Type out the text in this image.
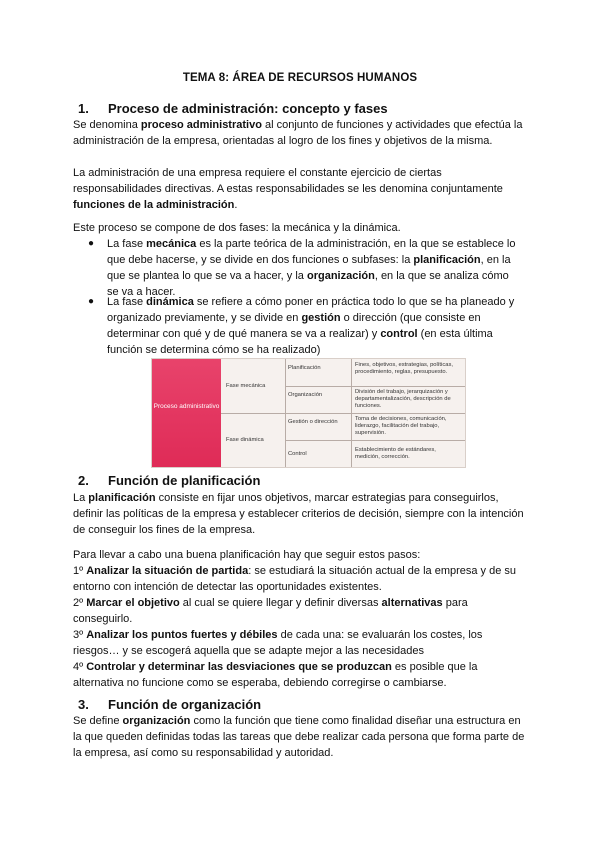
TEMA 8: ÁREA DE RECURSOS HUMANOS
1. Proceso de administración: concepto y fases
Se denomina proceso administrativo al conjunto de funciones y actividades que efectúa la
administración de la empresa, orientadas al logro de los fines y objetivos de la misma.
La administración de una empresa requiere el constante ejercicio de ciertas
responsabilidades directivas. A estas responsabilidades se les denomina conjuntamente
funciones de la administración.
Este proceso se compone de dos fases: la mecánica y la dinámica.
● La fase mecánica es la parte teórica de la administración, en la que se establece lo
que debe hacerse, y se divide en dos funciones o subfases: la planificación, en la
que se plantea lo que se va a hacer, y la organización, en la que se analiza cómo
se va a hacer.
● La fase dinámica se refiere a cómo poner en práctica todo lo que se ha planeado y
organizado previamente, y se divide en gestión o dirección (que consiste en
determinar con qué y de qué manera se va a realizar) y control (en esta última
función se determina cómo se ha realizado)
Proceso administrativo
Fase mecánica
Fase dinámica
Planificación
Organización
Gestión o dirección
Control
Fines, objetivos, estrategias, políticas, procedimiento, reglas, presupuesto.
División del trabajo, jerarquización y departamentalización, descripción de funciones.
Toma de decisiones, comunicación, liderazgo, facilitación del trabajo, supervisión.
Establecimiento de estándares, medición, corrección.
2. Función de planificación
La planificación consiste en fijar unos objetivos, marcar estrategias para conseguirlos,
definir las políticas de la empresa y establecer criterios de decisión, siempre con la intención
de conseguir los fines de la empresa.
Para llevar a cabo una buena planificación hay que seguir estos pasos:
1º Analizar la situación de partida: se estudiará la situación actual de la empresa y de su
entorno con intención de detectar las oportunidades existentes.
2º Marcar el objetivo al cual se quiere llegar y definir diversas alternativas para
conseguirlo.
3º Analizar los puntos fuertes y débiles de cada una: se evaluarán los costes, los
riesgos… y se escogerá aquella que se adapte mejor a las necesidades
4º Controlar y determinar las desviaciones que se produzcan es posible que la
alternativa no funcione como se esperaba, debiendo corregirse o cambiarse.
3. Función de organización
Se define organización como la función que tiene como finalidad diseñar una estructura en
la que queden definidas todas las tareas que debe realizar cada persona que forma parte de
la empresa, así como su responsabilidad y autoridad.
